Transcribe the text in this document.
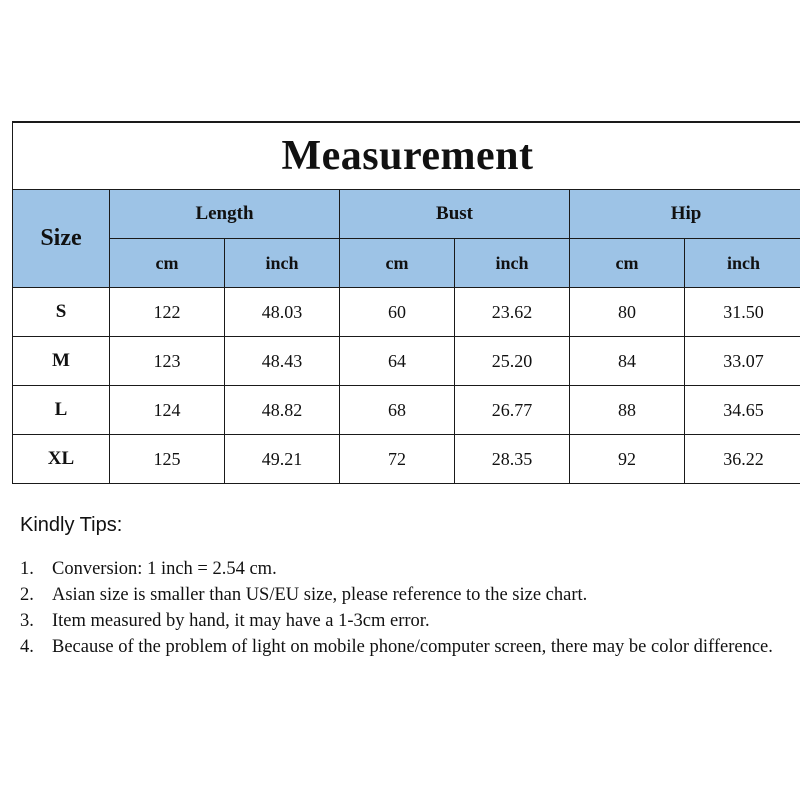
Measurement						
Size	Length		Bust		Hip	
	cm	inch	cm	inch	cm	inch
S	122	48.03	60	23.62	80	31.50
M	123	48.43	64	25.20	84	33.07
L	124	48.82	68	26.77	88	34.65
XL	125	49.21	72	28.35	92	36.22
Kindly Tips:
1. Conversion: 1 inch = 2.54 cm.
2. Asian size is smaller than US/EU size, please reference to the size chart.
3. Item measured by hand, it may have a 1-3cm error.
4. Because of the problem of light on mobile phone/computer screen, there may be color difference.
